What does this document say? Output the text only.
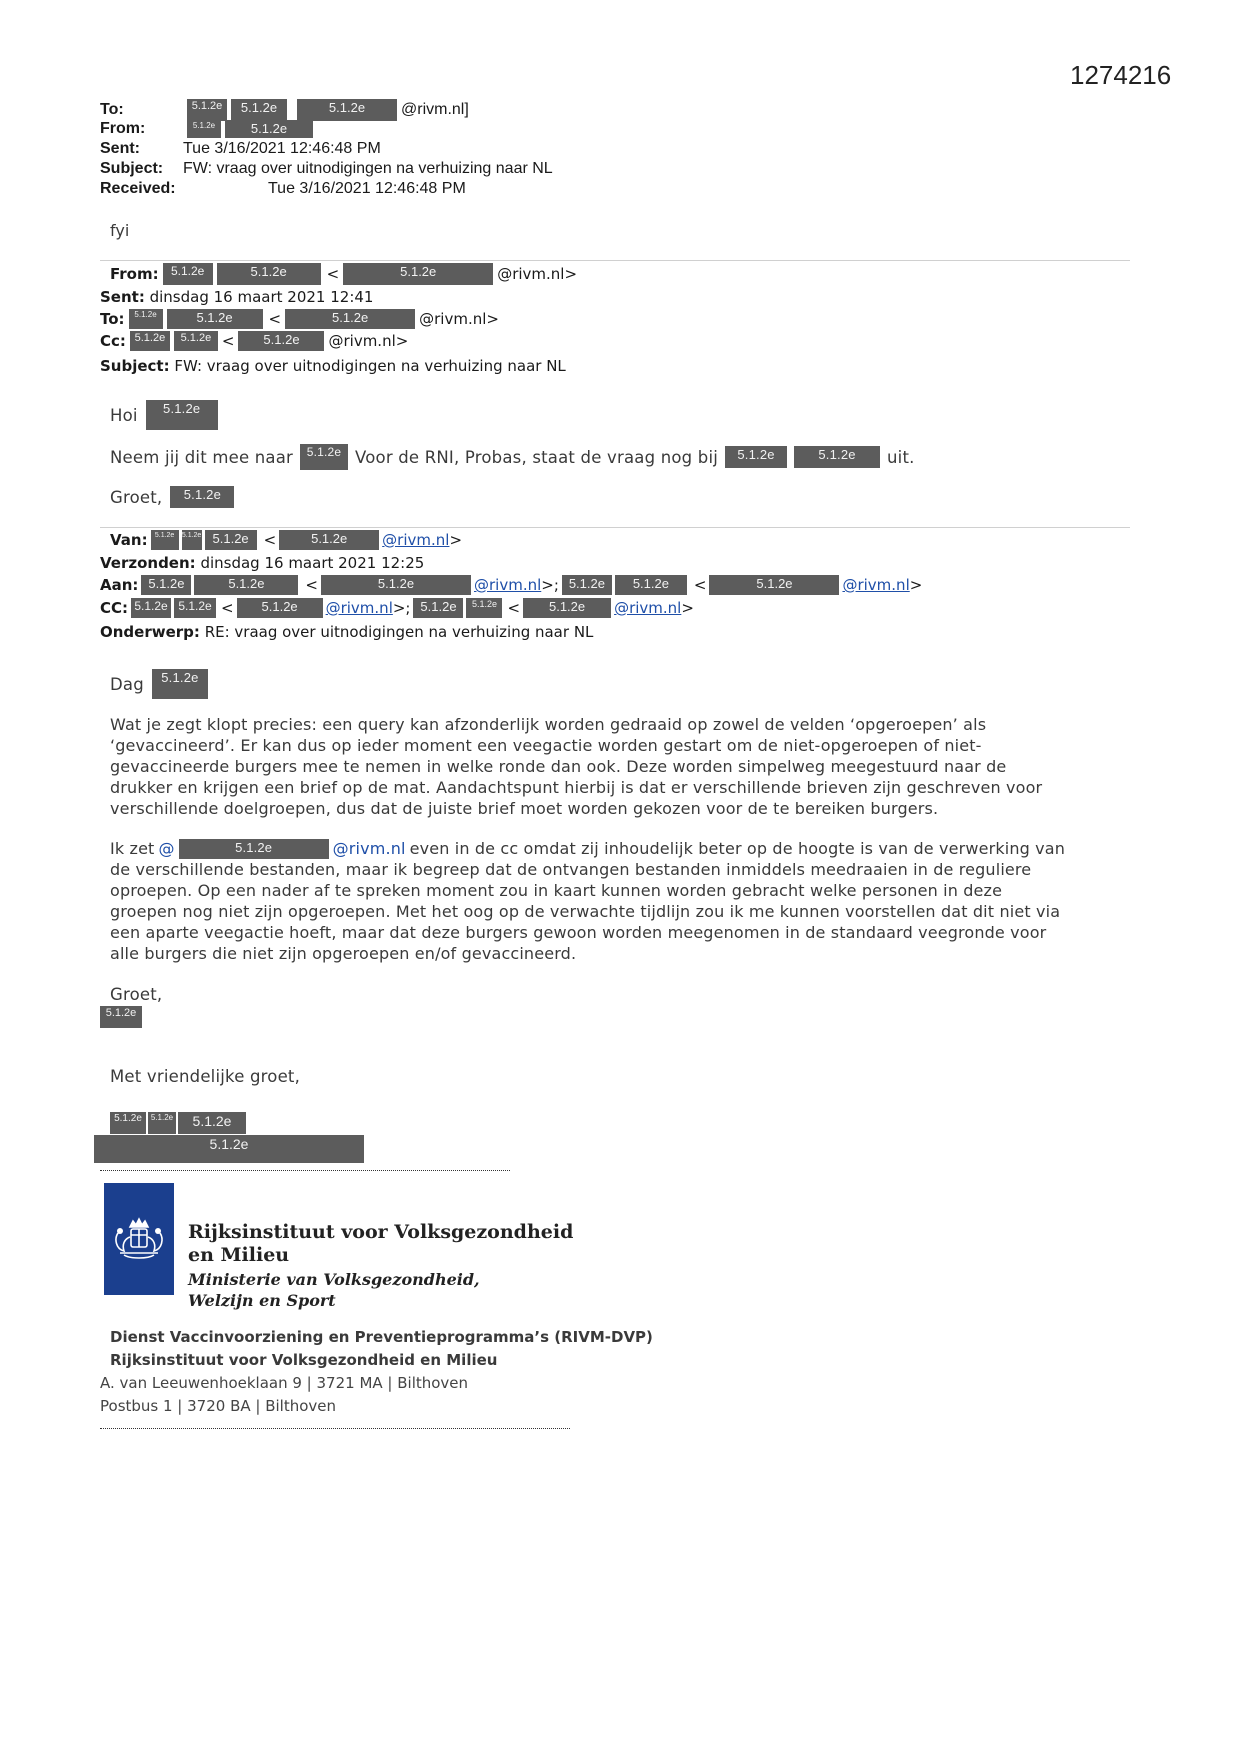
1274216
To:	5.1.2e	5.1.2e	5.1.2e	@rivm.nl]
From:	5.1.2e	5.1.2e
Sent:	Tue 3/16/2021 12:46:48 PM
Subject: FW: vraag over uitnodigingen na verhuizing naar NL
Received:	Tue 3/16/2021 12:46:48 PM
fyi
From:	5.1.2e	5.1.2e	<	5.1.2e	@rivm.nl>
Sent: dinsdag 16 maart 2021 12:41
To:	5.1.2e	5.1.2e	<	5.1.2e	@rivm.nl>
Cc: 5.1.2e	5.1.2e <	5.1.2e	@rivm.nl>
Subject: FW: vraag over uitnodigingen na verhuizing naar NL
Hoi	5.1.2e
Neem jij dit mee naar	5.1.2e Voor de RNI, Probas, staat de vraag nog bij	5.1.2e	5.1.2e	uit.
Groet,	5.1.2e
Van:	5.1.2e	5.1.2e 5.1.2e <	5.1.2e	@rivm.nl>
Verzonden: dinsdag 16 maart 2021 12:25
Aan: 5.1.2e	5.1.2e	<	5.1.2e	@rivm.nl>; 5.1.2e	5.1.2e	<	5.1.2e	@rivm.nl>
CC: 5.1.2e 5.1.2e <	5.1.2e	@rivm.nl>; 5.1.2e	5.1.2e <	5.1.2e	@rivm.nl>
Onderwerp: RE: vraag over uitnodigingen na verhuizing naar NL
Dag	5.1.2e

Wat je zegt klopt precies: een query kan afzonderlijk worden gedraaid op zowel de velden ‘opgeroepen’ als

‘gevaccineerd’. Er kan dus op ieder moment een veegactie worden gestart om de niet-opgeroepen of niet-

gevaccineerde burgers mee te nemen in welke ronde dan ook. Deze worden simpelweg meegestuurd naar de

drukker en krijgen een brief op de mat. Aandachtspunt hierbij is dat er verschillende brieven zijn geschreven voor

verschillende doelgroepen, dus dat de juiste brief moet worden gekozen voor de te bereiken burgers.

Ik zet @	5.1.2e	@rivm.nl even in de cc omdat zij inhoudelijk beter op de hoogte is van de verwerking van

de verschillende bestanden, maar ik begreep dat de ontvangen bestanden inmiddels meedraaien in de reguliere

oproepen. Op een nader af te spreken moment zou in kaart kunnen worden gebracht welke personen in deze

groepen nog niet zijn opgeroepen. Met het oog op de verwachte tijdlijn zou ik me kunnen voorstellen dat dit niet via

een aparte veegactie hoeft, maar dat deze burgers gewoon worden meegenomen in de standaard veegronde voor

alle burgers die niet zijn opgeroepen en/of gevaccineerd.

Groet,
5.1.2e
Met vriendelijke groet,
5.1.2e	5.1.2e	5.1.2e
5.1.2e
Rijksinstituut voor Volksgezondheid
en Milieu
Ministerie van Volksgezondheid,
Welzijn en Sport
Dienst Vaccinvoorziening en Preventieprogramma’s (RIVM-DVP)
Rijksinstituut voor Volksgezondheid en Milieu
A. van Leeuwenhoeklaan 9 | 3721 MA | Bilthoven
Postbus 1 | 3720 BA | Bilthoven
